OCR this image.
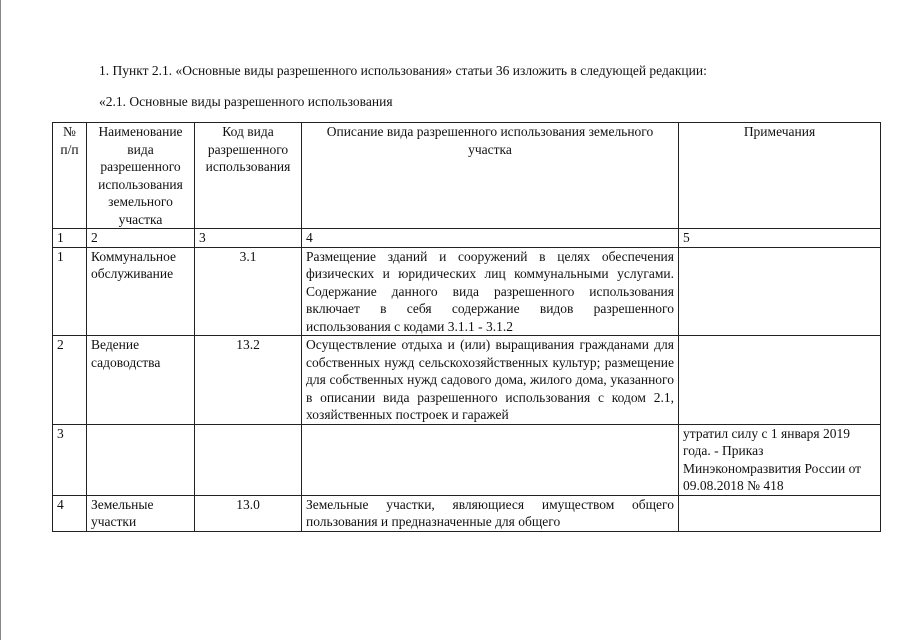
1. Пункт 2.1. «Основные виды разрешенного использования» статьи 36 изложить в следующей редакции:
«2.1. Основные виды разрешенного использования
№ п/п	Наименование вида разрешенного использования земельного участка	Код вида разрешенного использования	Описание вида разрешенного использования земельного участка	Примечания
1	2	3	4	5
1	Коммунальное обслуживание	3.1	Размещение зданий и сооружений в целях обеспечения физических и юридических лиц коммунальными услугами. Содержание данного вида разрешенного использования включает в себя содержание видов разрешенного использования с кодами 3.1.1 - 3.1.2	
2	Ведение садоводства	13.2	Осуществление отдыха и (или) выращивания гражданами для собственных нужд сельскохозяйственных культур; размещение для собственных нужд садового дома, жилого дома, указанного в описании вида разрешенного использования с кодом 2.1, хозяйственных построек и гаражей	
3				утратил силу с 1 января 2019 года. - Приказ Минэкономразвития России от 09.08.2018 № 418
4	Земельные участки	13.0	Земельные участки, являющиеся имуществом общего пользования и предназначенные для общего	
